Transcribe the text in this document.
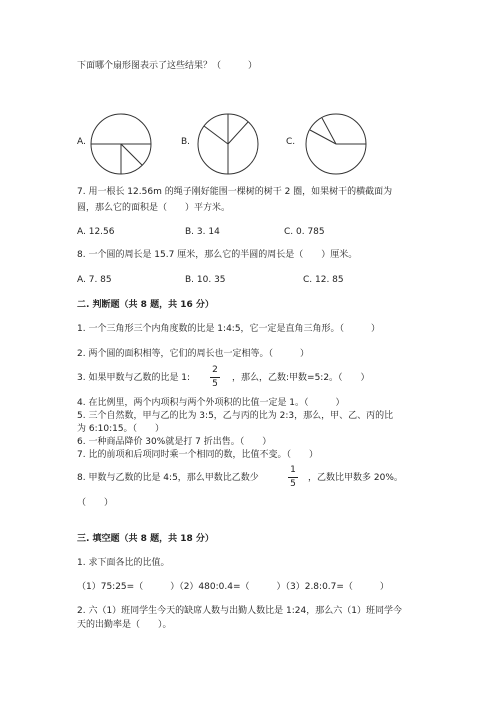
下面哪个扇形图表示了这些结果？（　　　）
A.	B.	C.
7. 用一根长 12.56m 的绳子刚好能围一棵树的树干 2 圈，如果树干的横截面为
圆，那么它的面积是（　　）平方米。
A. 12.56	B. 3. 14	C. 0. 785
8. 一个圆的周长是 15.7 厘米，那么它的半圆的周长是（　　）厘米。
A. 7. 85	B. 10. 35	C. 12. 85
二. 判断题（共 8 题，共 16 分）
1. 一个三角形三个内角度数的比是 1:4:5，它一定是直角三角形。（　　　）
2. 两个圆的面积相等，它们的周长也一定相等。（　　　）
3. 如果甲数与乙数的比是 1:
2
5
，那么，乙数:甲数=5:2。（　　）
4. 在比例里，两个内项积与两个外项积的比值一定是 1。（　　　）
5. 三个自然数，甲与乙的比为 3:5，乙与丙的比为 2:3，那么，甲、乙、丙的比
为 6:10:15。（　　）
6. 一种商品降价 30%就是打 7 折出售。（　　）
7. 比的前项和后项同时乘一个相同的数，比值不变。（　　）
8. 甲数与乙数的比是 4:5，那么甲数比乙数少
1
5
，乙数比甲数多 20%。
（　　）
三. 填空题（共 8 题，共 18 分）
1. 求下面各比的比值。
（1）75:25=（　　　）（2）480:0.4=（　　　）（3）2.8:0.7=（　　　）
2. 六（1）班同学生今天的缺席人数与出勤人数比是 1:24，那么六（1）班同学今
天的出勤率是（　　）。
